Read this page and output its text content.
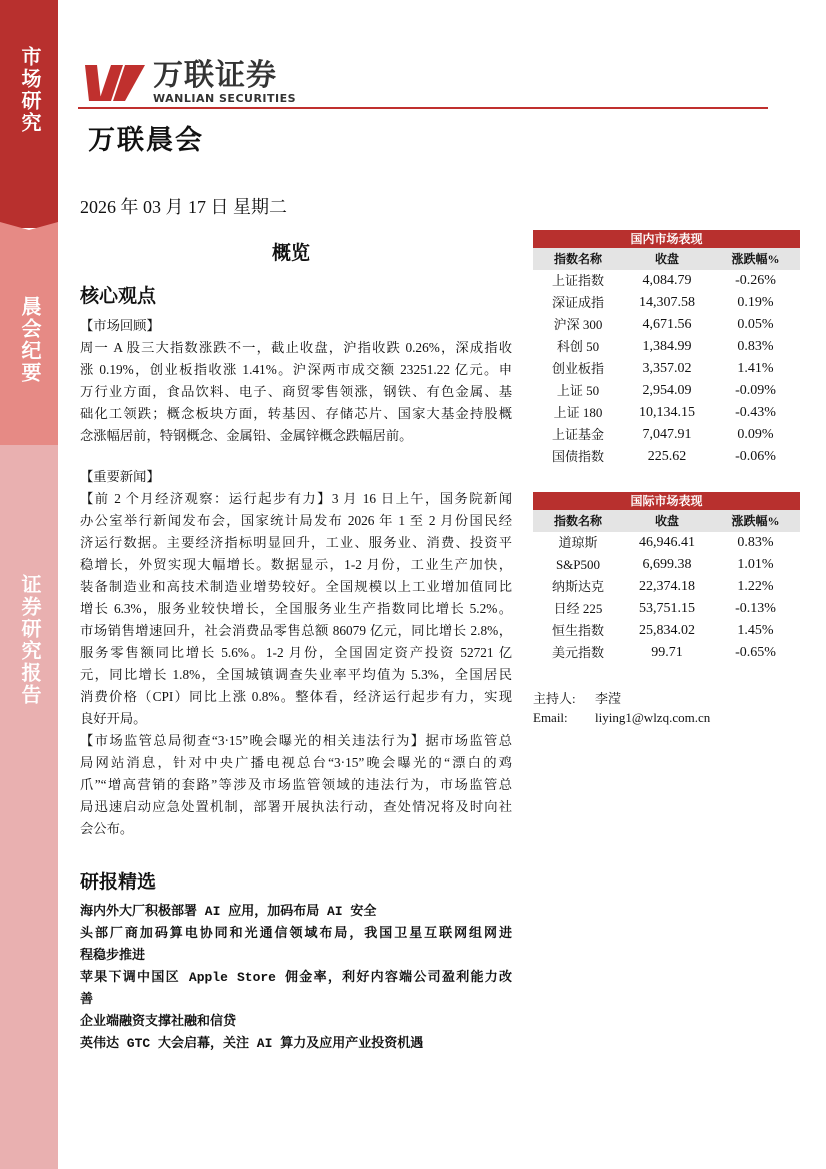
市场研究
晨会纪要
证券研究报告
万联证券
WANLIAN SECURITIES
万联晨会
2026 年 03 月 17 日 星期二
概览
核心观点
【市场回顾】
周一 A 股三大指数涨跌不一，截止收盘，沪指收跌 0.26%，深成指收
涨 0.19%，创业板指收涨 1.41%。沪深两市成交额 23251.22 亿元。申
万行业方面，食品饮料、电子、商贸零售领涨，钢铁、有色金属、基
础化工领跌；概念板块方面，转基因、存储芯片、国家大基金持股概
念涨幅居前，特钢概念、金属铅、金属锌概念跌幅居前。
【重要新闻】
【前 2 个月经济观察：运行起步有力】3 月 16 日上午，国务院新闻
办公室举行新闻发布会，国家统计局发布 2026 年 1 至 2 月份国民经
济运行数据。主要经济指标明显回升，工业、服务业、消费、投资平
稳增长，外贸实现大幅增长。数据显示，1-2 月份，工业生产加快，
装备制造业和高技术制造业增势较好。全国规模以上工业增加值同比
增长 6.3%，服务业较快增长，全国服务业生产指数同比增长 5.2%。
市场销售增速回升，社会消费品零售总额 86079 亿元，同比增长 2.8%，
服务零售额同比增长 5.6%。1-2 月份，全国固定资产投资 52721 亿
元，同比增长 1.8%，全国城镇调查失业率平均值为 5.3%，全国居民
消费价格（CPI）同比上涨 0.8%。整体看，经济运行起步有力，实现
良好开局。
【市场监管总局彻查“3·15”晚会曝光的相关违法行为】据市场监管总
局网站消息，针对中央广播电视总台“3·15”晚会曝光的“漂白的鸡
爪”“增高营销的套路”等涉及市场监管领域的违法行为，市场监管总
局迅速启动应急处置机制，部署开展执法行动，查处情况将及时向社
会公布。
研报精选
海内外大厂积极部署 AI 应用，加码布局 AI 安全
头部厂商加码算电协同和光通信领域布局，我国卫星互联网组网进
程稳步推进
苹果下调中国区 Apple Store 佣金率，利好内容端公司盈利能力改
善
企业端融资支撑社融和信贷
英伟达 GTC 大会启幕，关注 AI 算力及应用产业投资机遇
国内市场表现
指数名称	收盘	涨跌幅%
上证指数	4,084.79	-0.26%
深证成指	14,307.58	0.19%
沪深 300	4,671.56	0.05%
科创 50	1,384.99	0.83%
创业板指	3,357.02	1.41%
上证 50	2,954.09	-0.09%
上证 180	10,134.15	-0.43%
上证基金	7,047.91	0.09%
国债指数	225.62	-0.06%
国际市场表现
指数名称	收盘	涨跌幅%
道琼斯	46,946.41	0.83%
S&P500	6,699.38	1.01%
纳斯达克	22,374.18	1.22%
日经 225	53,751.15	-0.13%
恒生指数	25,834.02	1.45%
美元指数	99.71	-0.65%
主持人: 李滢
Email: liying1@wlzq.com.cn
